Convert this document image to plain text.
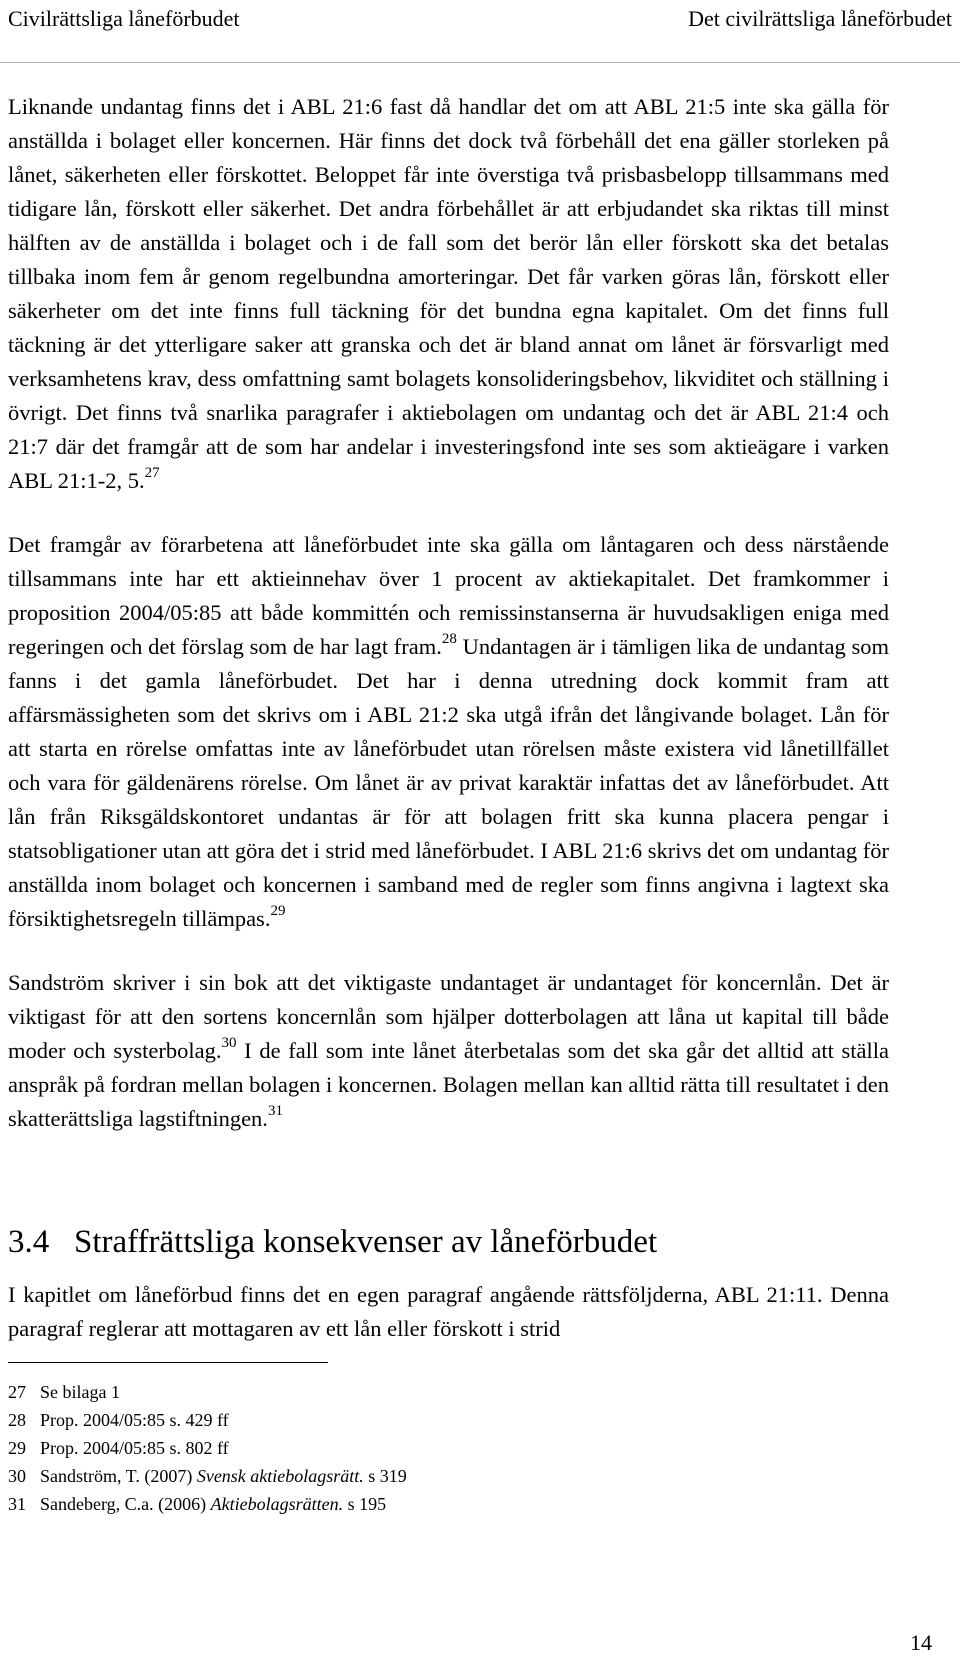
Civilrättsliga låneförbudet	Det civilrättsliga låneförbudet

Liknande undantag finns det i ABL 21:6 fast då handlar det om att ABL 21:5 inte ska gälla för anställda i bolaget eller koncernen. Här finns det dock två förbehåll det ena gäller storleken på lånet, säkerheten eller förskottet. Beloppet får inte överstiga två prisbasbelopp tillsammans med tidigare lån, förskott eller säkerhet. Det andra förbehållet är att erbjudandet ska riktas till minst hälften av de anställda i bolaget och i de fall som det berör lån eller förskott ska det betalas tillbaka inom fem år genom regelbundna amorteringar. Det får varken göras lån, förskott eller säkerheter om det inte finns full täckning för det bundna egna kapitalet. Om det finns full täckning är det ytterligare saker att granska och det är bland annat om lånet är försvarligt med verksamhetens krav, dess omfattning samt bolagets konsolideringsbehov, likviditet och ställning i övrigt. Det finns två snarlika paragrafer i aktiebolagen om undantag och det är ABL 21:4 och 21:7 där det framgår att de som har andelar i investeringsfond inte ses som aktieägare i varken ABL 21:1-2, 5.27

Det framgår av förarbetena att låneförbudet inte ska gälla om låntagaren och dess närstående tillsammans inte har ett aktieinnehav över 1 procent av aktiekapitalet. Det framkommer i proposition 2004/05:85 att både kommittén och remissinstanserna är huvudsakligen eniga med regeringen och det förslag som de har lagt fram.$^{28}$ Undantagen är i tämligen lika de undantag som fanns i det gamla låneförbudet. Det har i denna utredning dock kommit fram att affärsmässigheten som det skrivs om i ABL 21:2 ska utgå ifrån det långivande bolaget. Lån för att starta en rörelse omfattas inte av låneförbudet utan rörelsen måste existera vid lånetillfället och vara för gäldenärens rörelse. Om lånet är av privat karaktär infattas det av låneförbudet. Att lån från Riksgäldskontoret undantas är för att bolagen fritt ska kunna placera pengar i statsobligationer utan att göra det i strid med låneförbudet. I ABL 21:6 skrivs det om undantag för anställda inom bolaget och koncernen i samband med de regler som finns angivna i lagtext ska försiktighetsregeln tillämpas.$^{29}$

Sandström skriver i sin bok att det viktigaste undantaget är undantaget för koncernlån. Det är viktigast för att den sortens koncernlån som hjälper dotterbolagen att låna ut kapital till både moder och systerbolag.$^{30}$ I de fall som inte lånet återbetalas som det ska går det alltid att ställa anspråk på fordran mellan bolagen i koncernen. Bolagen mellan kan alltid rätta till resultatet i den skatterättsliga lagstiftningen.$^{31}$

3.4 Straffrättsliga konsekvenser av låneförbudet

I kapitlet om låneförbud finns det en egen paragraf angående rättsföljderna, ABL 21:11. Denna paragraf reglerar att mottagaren av ett lån eller förskott i strid

27 Se bilaga 1
28 Prop. 2004/05:85 s. 429 ff
29 Prop. 2004/05:85 s. 802 ff
30 Sandström, T. (2007) Svensk aktiebolagsrätt. s 319
31 Sandeberg, C.a. (2006) Aktiebolagsrätten. s 195
14
